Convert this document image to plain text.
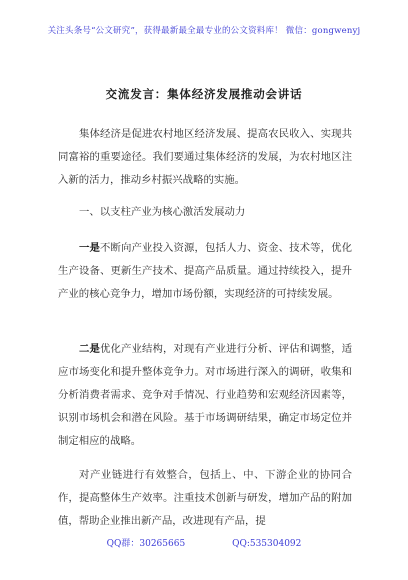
关注头条号“公文研究”，获得最新最全最专业的公文资料库！ 微信：gongwenyj
交流发言：集体经济发展推动会讲话

集体经济是促进农村地区经济发展、提高农民收入、实现共同富裕的重要途径。我们要通过集体经济的发展，为农村地区注入新的活力，推动乡村振兴战略的实施。

一、以支柱产业为核心激活发展动力

一是不断向产业投入资源，包括人力、资金、技术等，优化生产设备、更新生产技术、提高产品质量。通过持续投入，提升产业的核心竞争力，增加市场份额，实现经济的可持续发展。

二是优化产业结构，对现有产业进行分析、评估和调整，适应市场变化和提升整体竞争力。对市场进行深入的调研，收集和分析消费者需求、竞争对手情况、行业趋势和宏观经济因素等，识别市场机会和潜在风险。基于市场调研结果，确定市场定位并制定相应的战略。

对产业链进行有效整合，包括上、中、下游企业的协同合作，提高整体生产效率。注重技术创新与研发，增加产品的附加值，帮助企业推出新产品，改进现有产品，提

QQ群：30265665	QQ:535304092
